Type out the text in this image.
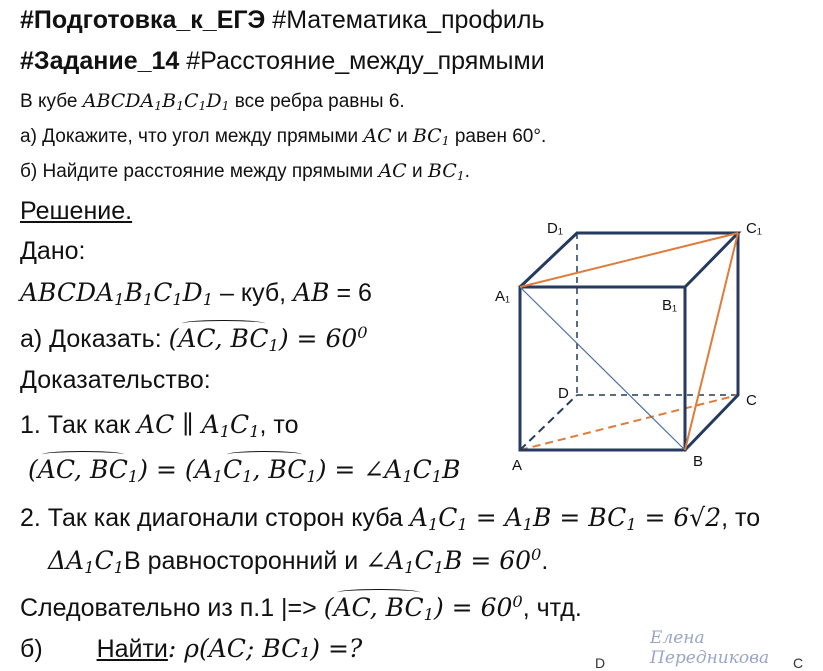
#Подготовка_к_ЕГЭ #Математика_профиль
#Задание_14 #Расстояние_между_прямыми
В кубе $ABCDA_1B_1C_1D_1$ все ребра равны 6.
а) Докажите, что угол между прямыми AC и $BC_1$ равен 60°.
б) Найдите расстояние между прямыми AC и $BC_1$.
Решение.
Дано:
$ABCDA_1B_1C_1D_1$ – куб, AB = 6
а) Доказать: (AC, $BC_1) = 60^0$
Доказательство:
1. Так как AC ∥ $A_1C_1$, то
(AC, $BC_1) = (A_1C_1$, $BC_1$) = $\angle A_1C_1B$
2. Так как диагонали сторон куба $A_1C_1 = A_1B = BC_1 = 6√2$, то
$\Delta A_1C_1B$ равносторонний и $\angle A_1C_1B = 60^0$.
Следовательно из п.1 |=> (AC, $BC_1) = 60^0$, чтд.
б) Найти: ρ(AC; BC₁) =?
D₁	C₁
A₁
B₁
D	C
A	B
D	C
Елена Передникова
